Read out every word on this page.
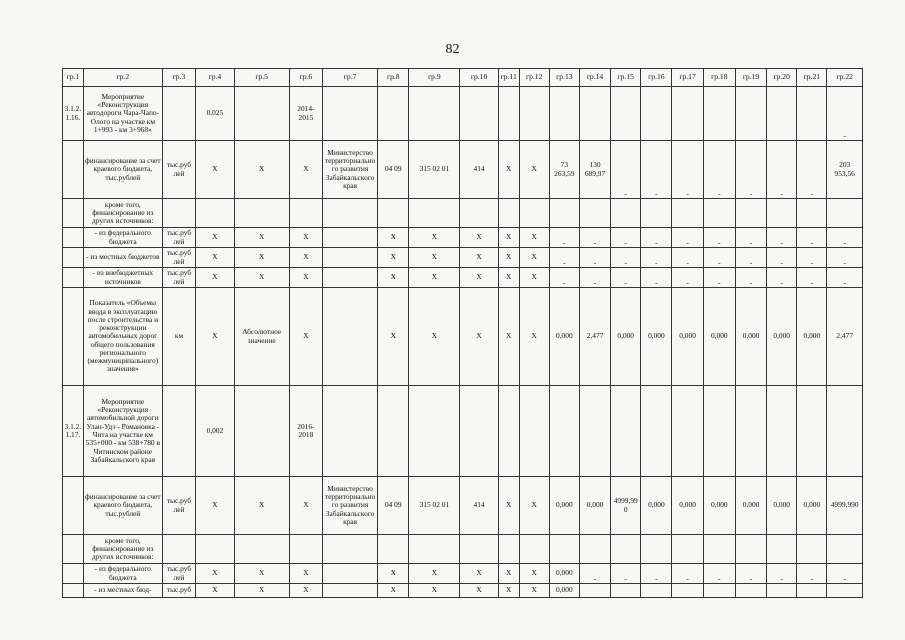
82
гр.1	гр.2	гр.3	гр.4	гр.5	гр.6	гр.7	гр.8	гр.9	гр.10	гр.11	гр.12	гр.13	гр.14	гр.15	гр.16	гр.17	гр.18	гр.19	гр.20	гр.21	гр.22
3.1.2.1.16.	Мероприятие «Реконструкция автодороги Чара-Чапо-Ологo на участке км 1+993 - км 3+968»		0,025		2014-2015																-
	финансирование за счет краевого бюджета, тыс.рублей	тыс.руб лей	Х	Х	Х	Министерство территориального развития Забайкальского края	04 09	315 02 01	414	Х	Х	73 263,59	130 689,97	-	-	-	-	-	-	-	203 953,56
	кроме того, финансирование из других источников:																				
	- из федерального бюджета	тыс.руб лей	Х	Х	Х		Х	Х	Х	Х	Х	-	-	-	-	-	-	-	-	-	-
	- из местных бюджетов	тыс.руб лей	Х	Х	Х		Х	Х	Х	Х	Х	-	-	-	-	-	-	-	-	-	-
	- из внебюджетных источников	тыс.руб лей	Х	Х	Х		Х	Х	Х	Х	Х	-	-	-	-	-	-	-	-	-	-
	Показатель «Объемы ввода в эксплуатацию после строительства и реконструкции автомобильных дорог общего пользования регионального (межмуниципального) значения»	км	Х	Абсолютное значение	Х		Х	Х	Х	Х	Х	0,000	2,477	0,000	0,000	0,000	0,000	0,000	0,000	0,000	2,477
3.1.2.1.17.	Мероприятие «Реконструкция автомобильной дороги Улан-Удэ - Романовка - Чита на участке км 535+000 - км 538+780 в Читинском районе Забайкальского края		0,002		2016-2018																
	финансирование за счет краевого бюджета, тыс.рублей	тыс.руб лей	Х	Х	Х	Министерство территориального развития Забайкальского края	04 09	315 02 01	414	Х	Х	0,000	0,000	4999,990	0,000	0,000	0,000	0,000	0,000	0,000	4999,990
	кроме того, финансирование из других источников:																				
	- из федерального бюджета	тыс.руб лей	Х	Х	Х		Х	Х	Х	Х	Х	0,000	-	-	-	-	-	-	-	-	-
	- из местных бюд-	тыс.руб	Х	Х	Х		Х	Х	Х	Х	Х	0,000									
